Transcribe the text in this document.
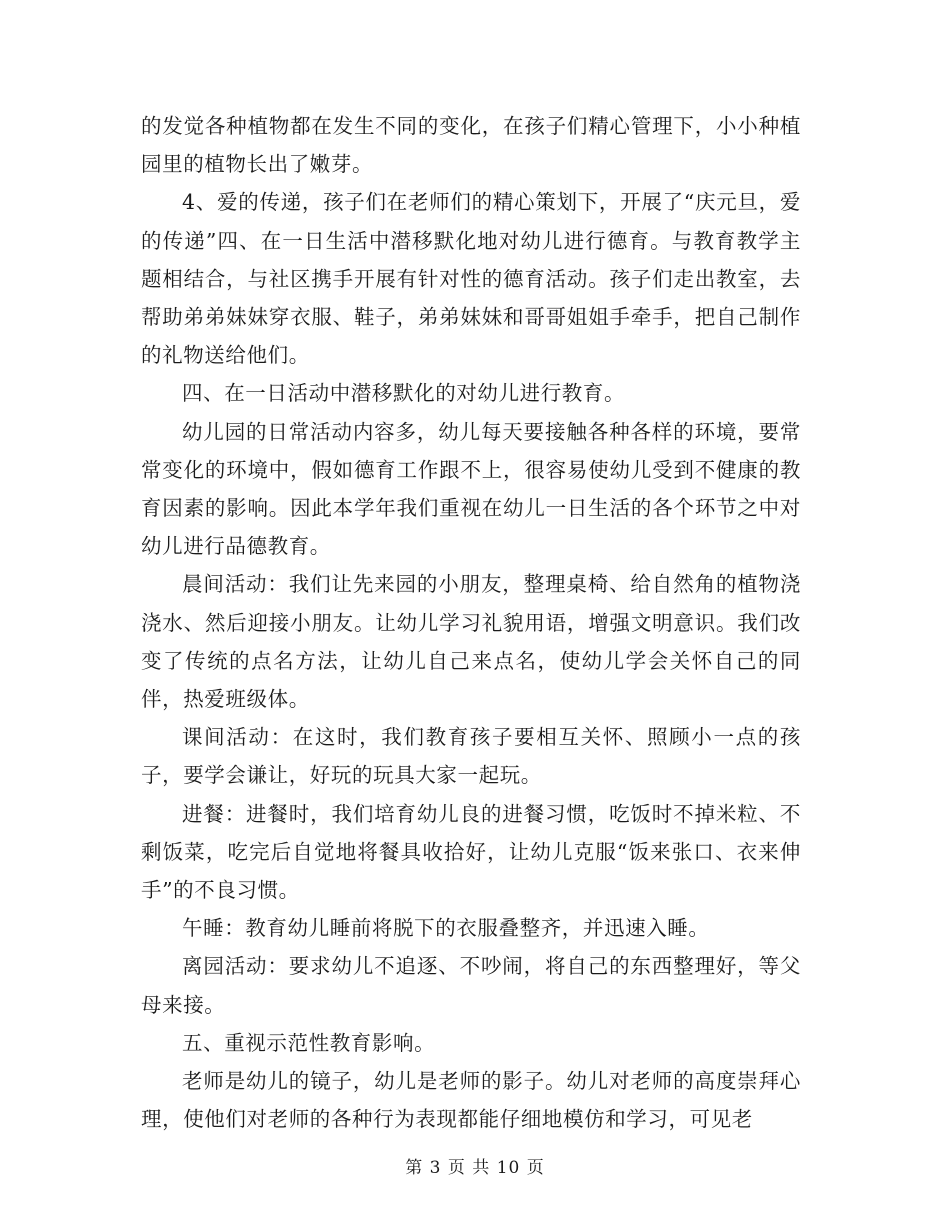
的发觉各种植物都在发生不同的变化，在孩子们精心管理下，小小种植园里的植物长出了嫩芽。

4、爱的传递，孩子们在老师们的精心策划下，开展了“庆元旦，爱的传递”四、在一日生活中潜移默化地对幼儿进行德育。与教育教学主题相结合，与社区携手开展有针对性的德育活动。孩子们走出教室，去帮助弟弟妹妹穿衣服、鞋子，弟弟妹妹和哥哥姐姐手牵手，把自己制作的礼物送给他们。

四、在一日活动中潜移默化的对幼儿进行教育。

幼儿园的日常活动内容多，幼儿每天要接触各种各样的环境，要常常变化的环境中，假如德育工作跟不上，很容易使幼儿受到不健康的教育因素的影响。因此本学年我们重视在幼儿一日生活的各个环节之中对幼儿进行品德教育。

晨间活动：我们让先来园的小朋友，整理桌椅、给自然角的植物浇浇水、然后迎接小朋友。让幼儿学习礼貌用语，增强文明意识。我们改变了传统的点名方法，让幼儿自己来点名，使幼儿学会关怀自己的同伴，热爱班级体。

课间活动：在这时，我们教育孩子要相互关怀、照顾小一点的孩子，要学会谦让，好玩的玩具大家一起玩。

进餐：进餐时，我们培育幼儿良的进餐习惯，吃饭时不掉米粒、不剩饭菜，吃完后自觉地将餐具收拾好，让幼儿克服“饭来张口、衣来伸手”的不良习惯。

午睡：教育幼儿睡前将脱下的衣服叠整齐，并迅速入睡。

离园活动：要求幼儿不追逐、不吵闹，将自己的东西整理好，等父母来接。

五、重视示范性教育影响。

老师是幼儿的镜子，幼儿是老师的影子。幼儿对老师的高度崇拜心理，使他们对老师的各种行为表现都能仔细地模仿和学习，可见老

第 3 页 共 10 页
